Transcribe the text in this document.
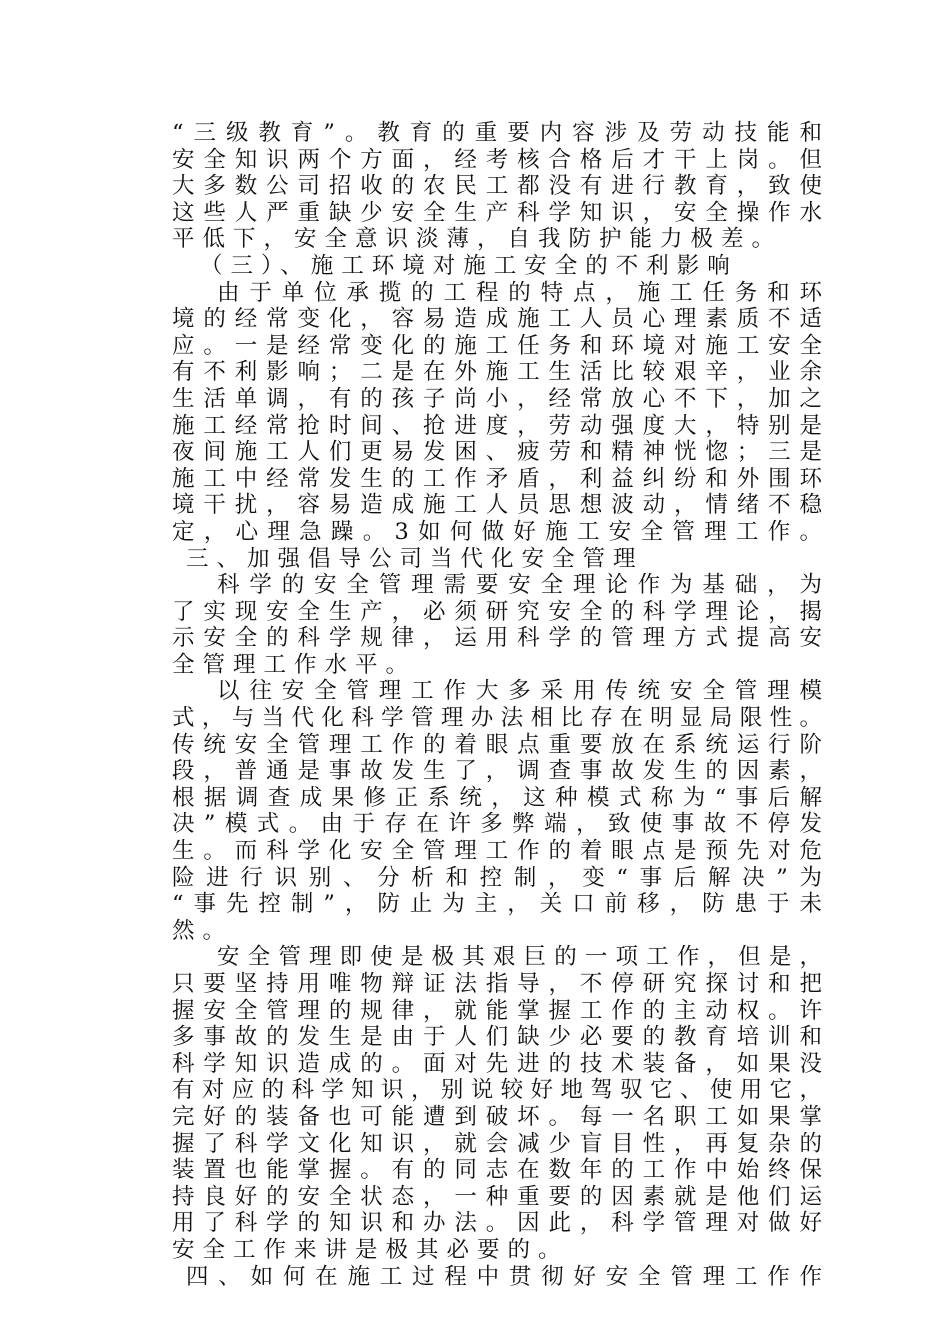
“三级教育”。教育的重要内容涉及劳动技能和
安全知识两个方面，经考核合格后才干上岗。但
大多数公司招收的农民工都没有进行教育，致使
这些人严重缺少安全生产科学知识，安全操作水
平低下，安全意识淡薄，自我防护能力极差。
（三）、施工环境对施工安全的不利影响
由于单位承揽的工程的特点，施工任务和环
境的经常变化，容易造成施工人员心理素质不适
应。一是经常变化的施工任务和环境对施工安全
有不利影响；二是在外施工生活比较艰辛，业余
生活单调，有的孩子尚小，经常放心不下，加之
施工经常抢时间、抢进度，劳动强度大，特别是
夜间施工人们更易发困、疲劳和精神恍惚；三是
施工中经常发生的工作矛盾，利益纠纷和外围环
境干扰，容易造成施工人员思想波动，情绪不稳
定，心理急躁。3如何做好施工安全管理工作。
三、加强倡导公司当代化安全管理
科学的安全管理需要安全理论作为基础，为
了实现安全生产，必须研究安全的科学理论，揭
示安全的科学规律，运用科学的管理方式提高安
全管理工作水平。
以往安全管理工作大多采用传统安全管理模
式，与当代化科学管理办法相比存在明显局限性。
传统安全管理工作的着眼点重要放在系统运行阶
段，普通是事故发生了，调查事故发生的因素，
根据调查成果修正系统，这种模式称为“事后解
决”模式。由于存在许多弊端，致使事故不停发
生。而科学化安全管理工作的着眼点是预先对危
险进行识别、分析和控制，变“事后解决”为
“事先控制”，防止为主，关口前移，防患于未
然。
安全管理即使是极其艰巨的一项工作，但是，
只要坚持用唯物辩证法指导，不停研究探讨和把
握安全管理的规律，就能掌握工作的主动权。许
多事故的发生是由于人们缺少必要的教育培训和
科学知识造成的。面对先进的技术装备，如果没
有对应的科学知识，别说较好地驾驭它、使用它，
完好的装备也可能遭到破坏。每一名职工如果掌
握了科学文化知识，就会减少盲目性，再复杂的
装置也能掌握。有的同志在数年的工作中始终保
持良好的安全状态，一种重要的因素就是他们运
用了科学的知识和办法。因此，科学管理对做好
安全工作来讲是极其必要的。
四、如何在施工过程中贯彻好安全管理工作作
